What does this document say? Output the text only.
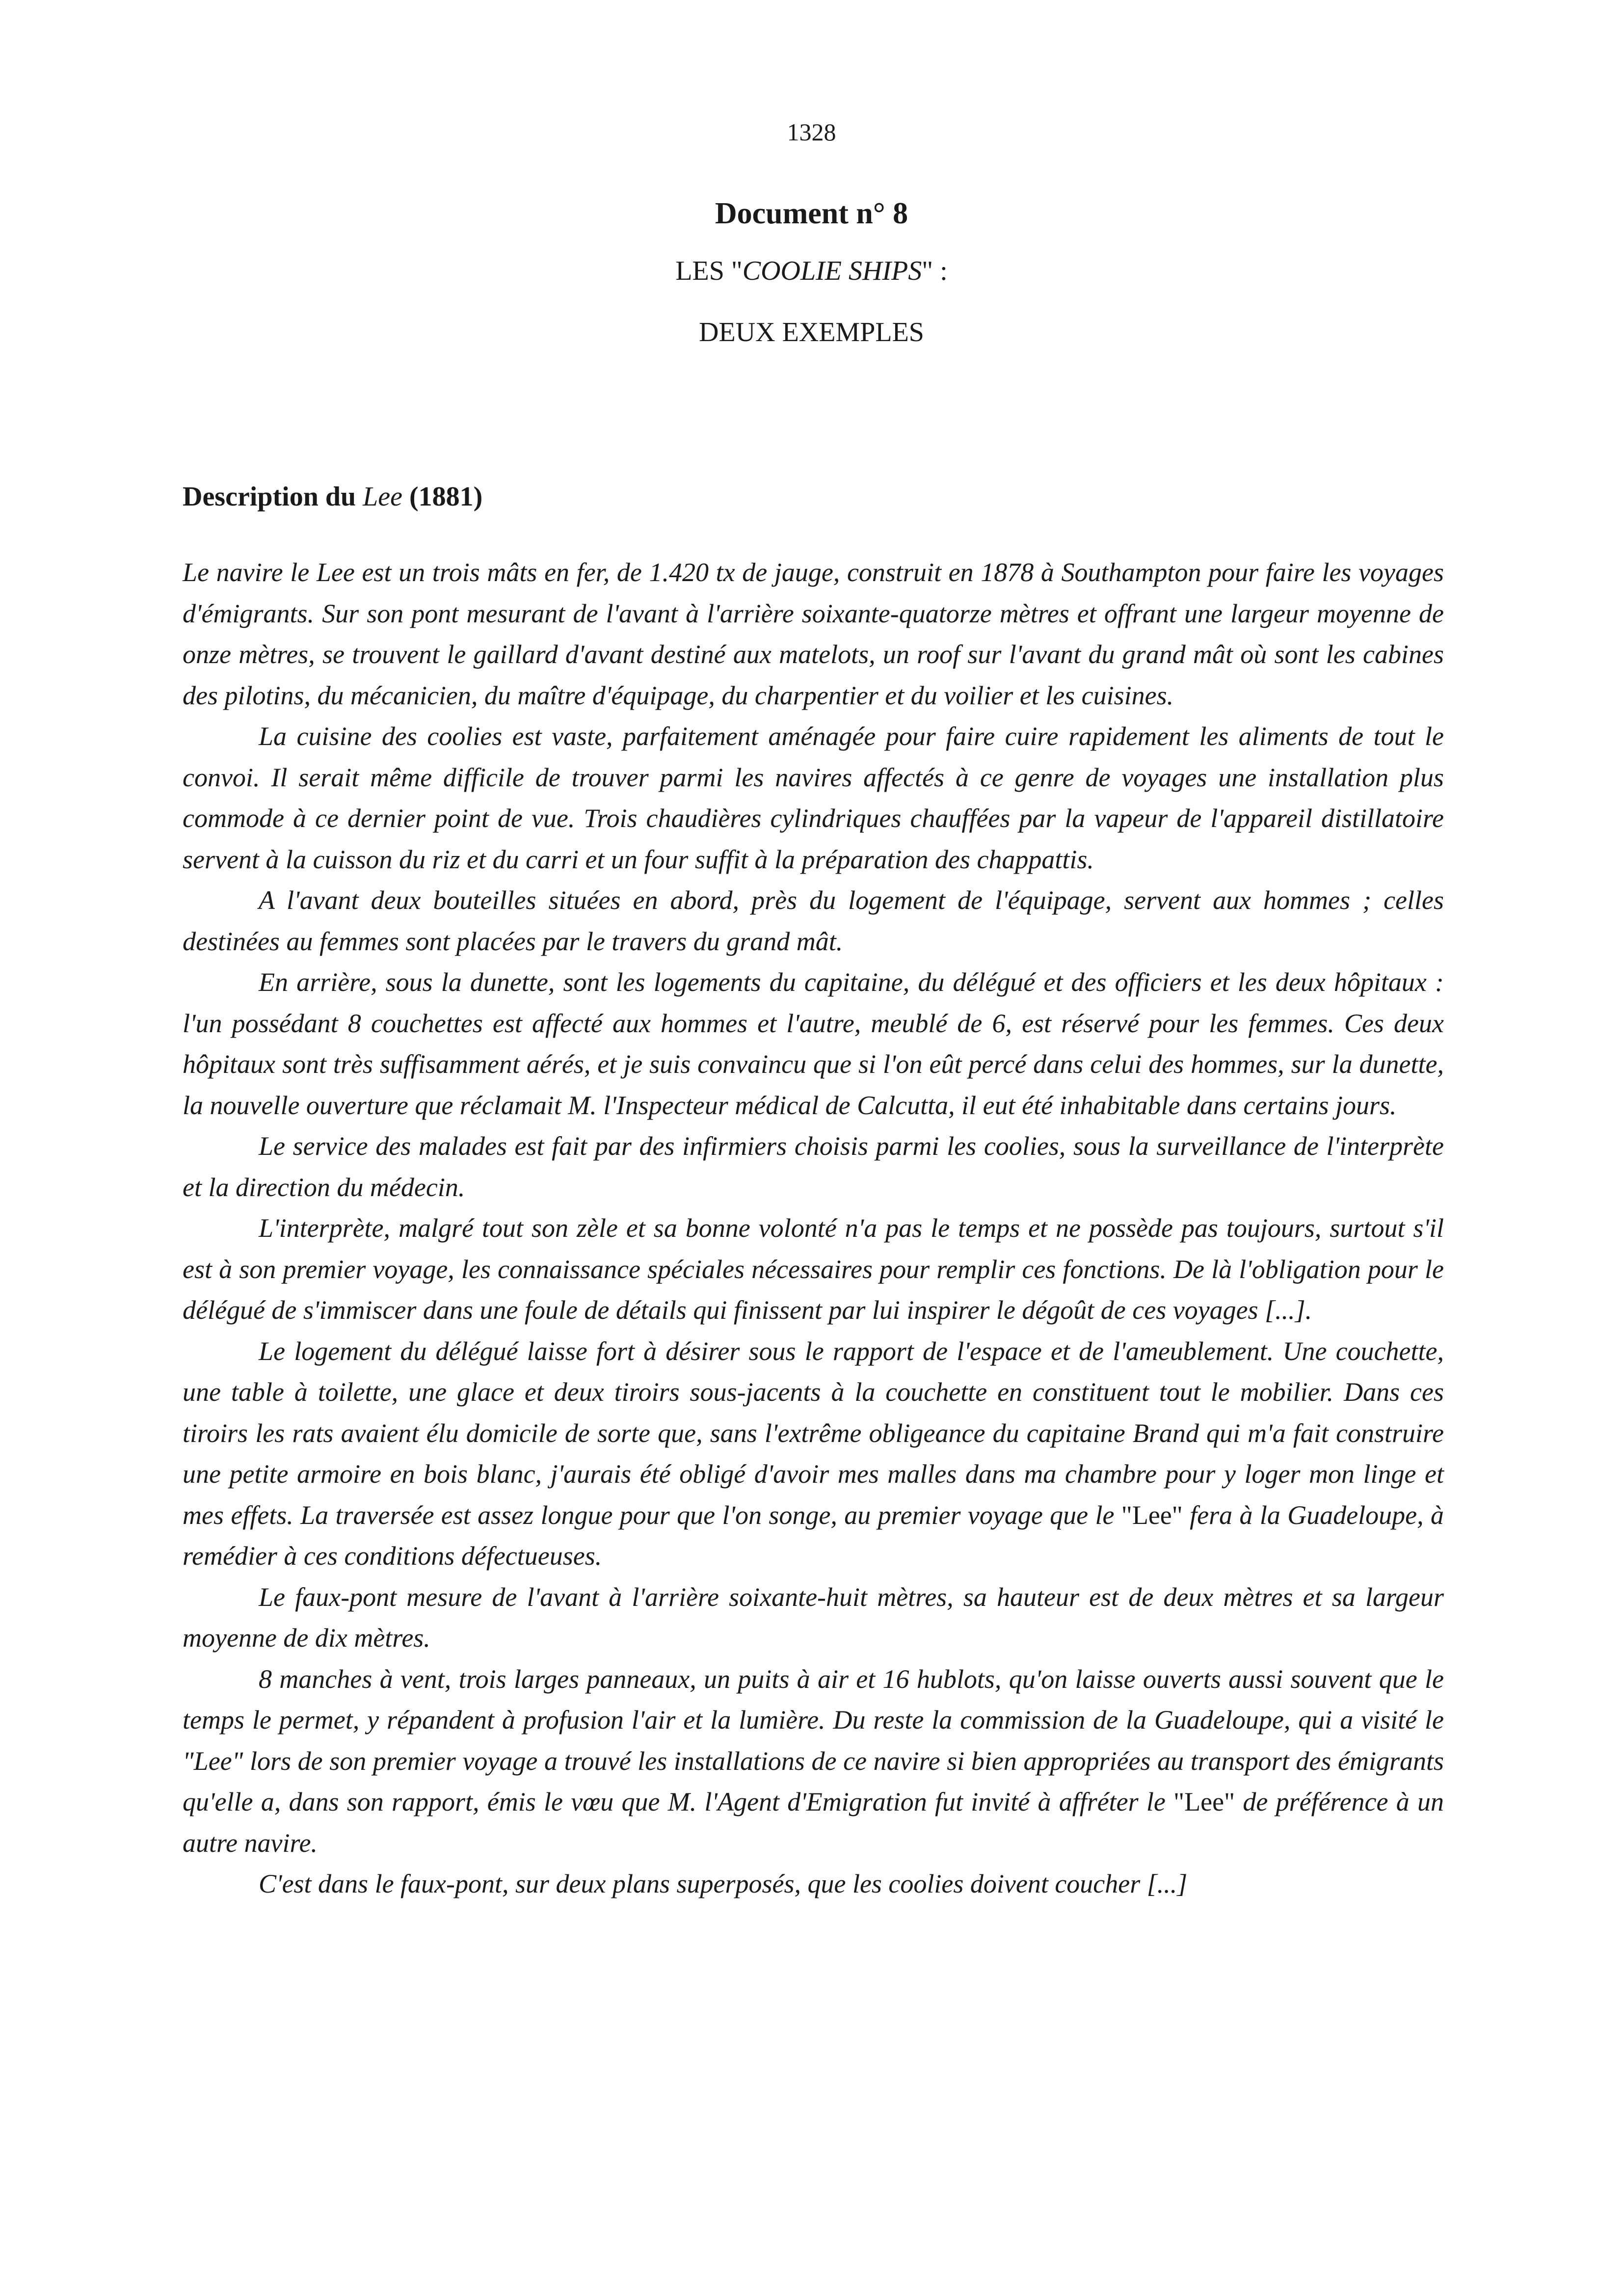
1328
Document n° 8
LES "COOLIE SHIPS" :
DEUX EXEMPLES
Description du Lee (1881)

Le navire le Lee est un trois mâts en fer, de 1.420 tx de jauge, construit en 1878 à Southampton pour faire les voyages d'émigrants. Sur son pont mesurant de l'avant à l'arrière soixante-quatorze mètres et offrant une largeur moyenne de onze mètres, se trouvent le gaillard d'avant destiné aux matelots, un roof sur l'avant du grand mât où sont les cabines des pilotins, du mécanicien, du maître d'équipage, du charpentier et du voilier et les cuisines.

La cuisine des coolies est vaste, parfaitement aménagée pour faire cuire rapidement les aliments de tout le convoi. Il serait même difficile de trouver parmi les navires affectés à ce genre de voyages une installation plus commode à ce dernier point de vue. Trois chaudières cylindriques chauffées par la vapeur de l'appareil distillatoire servent à la cuisson du riz et du carri et un four suffit à la préparation des chappattis.

A l'avant deux bouteilles situées en abord, près du logement de l'équipage, servent aux hommes ; celles destinées au femmes sont placées par le travers du grand mât.

En arrière, sous la dunette, sont les logements du capitaine, du délégué et des officiers et les deux hôpitaux : l'un possédant 8 couchettes est affecté aux hommes et l'autre, meublé de 6, est réservé pour les femmes. Ces deux hôpitaux sont très suffisamment aérés, et je suis convaincu que si l'on eût percé dans celui des hommes, sur la dunette, la nouvelle ouverture que réclamait M. l'Inspecteur médical de Calcutta, il eut été inhabitable dans certains jours.

Le service des malades est fait par des infirmiers choisis parmi les coolies, sous la surveillance de l'interprète et la direction du médecin.

L'interprète, malgré tout son zèle et sa bonne volonté n'a pas le temps et ne possède pas toujours, surtout s'il est à son premier voyage, les connaissance spéciales nécessaires pour remplir ces fonctions. De là l'obligation pour le délégué de s'immiscer dans une foule de détails qui finissent par lui inspirer le dégoût de ces voyages [...].

Le logement du délégué laisse fort à désirer sous le rapport de l'espace et de l'ameublement. Une couchette, une table à toilette, une glace et deux tiroirs sous-jacents à la couchette en constituent tout le mobilier. Dans ces tiroirs les rats avaient élu domicile de sorte que, sans l'extrême obligeance du capitaine Brand qui m'a fait construire une petite armoire en bois blanc, j'aurais été obligé d'avoir mes malles dans ma chambre pour y loger mon linge et mes effets. La traversée est assez longue pour que l'on songe, au premier voyage que le "Lee" fera à la Guadeloupe, à remédier à ces conditions défectueuses.

Le faux-pont mesure de l'avant à l'arrière soixante-huit mètres, sa hauteur est de deux mètres et sa largeur moyenne de dix mètres.

8 manches à vent, trois larges panneaux, un puits à air et 16 hublots, qu'on laisse ouverts aussi souvent que le temps le permet, y répandent à profusion l'air et la lumière. Du reste la commission de la Guadeloupe, qui a visité le "Lee" lors de son premier voyage a trouvé les installations de ce navire si bien appropriées au transport des émigrants qu'elle a, dans son rapport, émis le vœu que M. l'Agent d'Emigration fut invité à affréter le "Lee" de préférence à un autre navire.

C'est dans le faux-pont, sur deux plans superposés, que les coolies doivent coucher [...]
